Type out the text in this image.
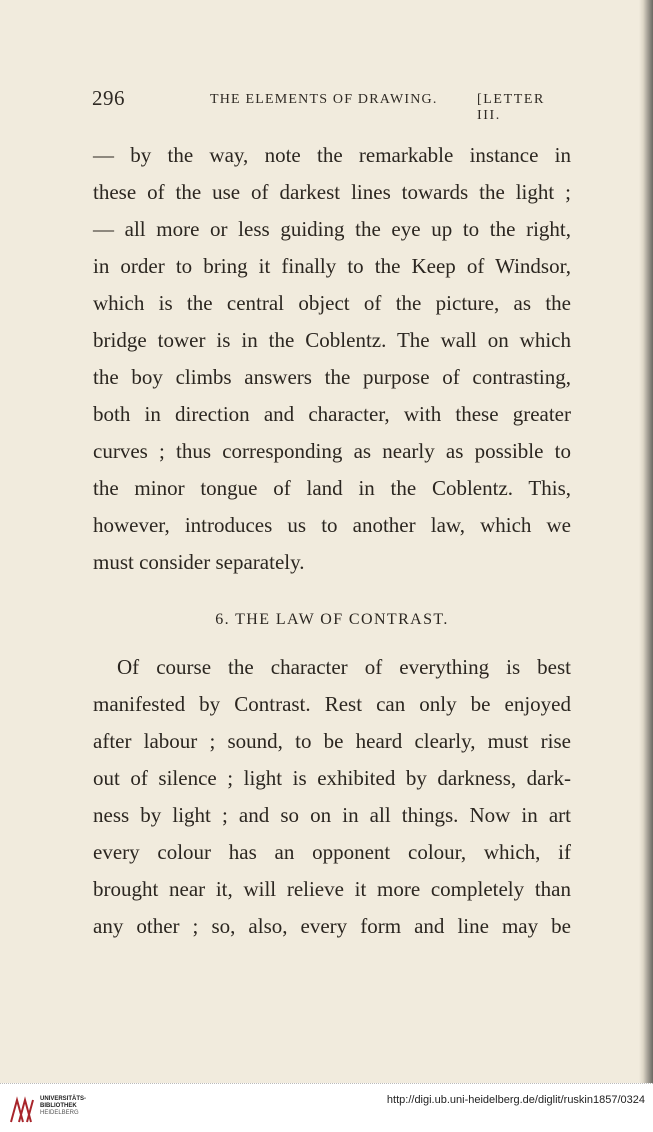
296	THE ELEMENTS OF DRAWING.	[LETTER III.
— by the way, note the remarkable instance in
these of the use of darkest lines towards the light ;
— all more or less guiding the eye up to the right,
in order to bring it finally to the Keep of Windsor,
which is the central object of the picture, as the
bridge tower is in the Coblentz. The wall on which
the boy climbs answers the purpose of contrasting,
both in direction and character, with these greater
curves ; thus corresponding as nearly as possible to
the minor tongue of land in the Coblentz. This,
however, introduces us to another law, which we
must consider separately.
6. THE LAW OF CONTRAST.
Of course the character of everything is best
manifested by Contrast. Rest can only be enjoyed
after labour ; sound, to be heard clearly, must rise
out of silence ; light is exhibited by darkness, dark-
ness by light ; and so on in all things. Now in art
every colour has an opponent colour, which, if
brought near it, will relieve it more completely than
any other ; so, also, every form and line may be
UNIVERSITÄTS-
BIBLIOTHEK
HEIDELBERG
http://digi.ub.uni-heidelberg.de/diglit/ruskin1857/0324
